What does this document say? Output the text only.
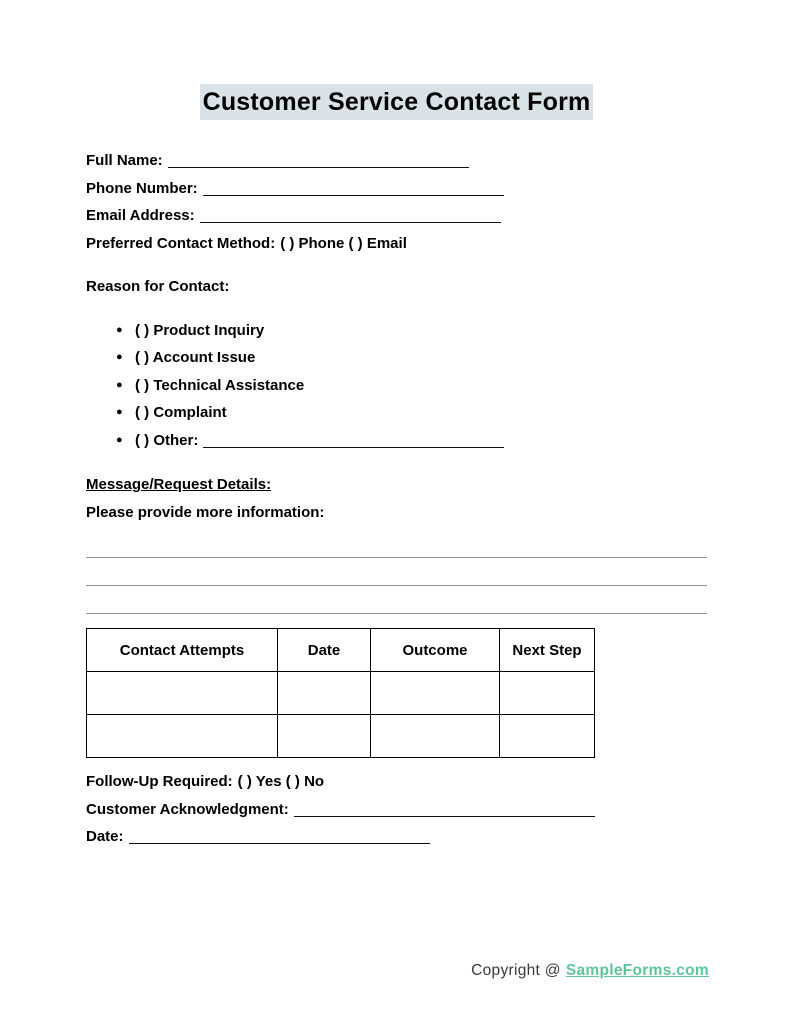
Customer Service Contact Form
Full Name:
Phone Number:
Email Address:
Preferred Contact Method: ( ) Phone ( ) Email
Reason for Contact:
● ( ) Product Inquiry
● ( ) Account Issue
● ( ) Technical Assistance
● ( ) Complaint
● ( ) Other:
Message/Request Details:
Please provide more information:
Contact Attempts	Date	Outcome	Next Step

Follow-Up Required: ( ) Yes ( ) No
Customer Acknowledgment:
Date:
Copyright @ SampleForms.com
